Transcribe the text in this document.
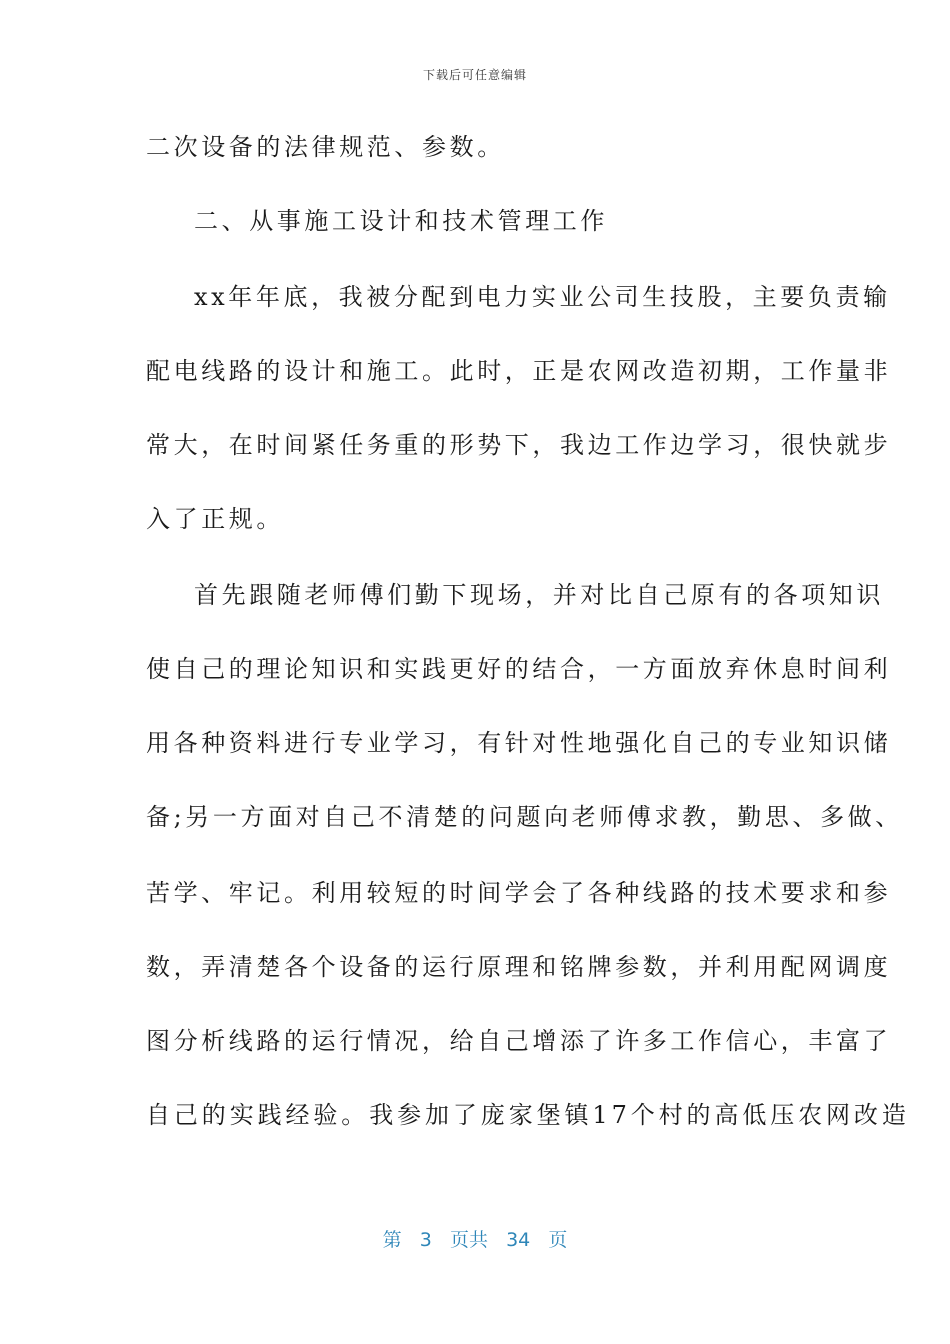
下载后可任意编辑
二次设备的法律规范、参数。
二、从事施工设计和技术管理工作
xx年年底，我被分配到电力实业公司生技股，主要负责输
配电线路的设计和施工。此时，正是农网改造初期，工作量非
常大，在时间紧任务重的形势下，我边工作边学习，很快就步
入了正规。
首先跟随老师傅们勤下现场，并对比自己原有的各项知识
使自己的理论知识和实践更好的结合，一方面放弃休息时间利
用各种资料进行专业学习，有针对性地强化自己的专业知识储
备;另一方面对自己不清楚的问题向老师傅求教，勤思、多做、
苦学、牢记。利用较短的时间学会了各种线路的技术要求和参
数，弄清楚各个设备的运行原理和铭牌参数，并利用配网调度
图分析线路的运行情况，给自己增添了许多工作信心，丰富了
自己的实践经验。我参加了庞家堡镇17个村的高低压农网改造
第 3 页共 34 页
